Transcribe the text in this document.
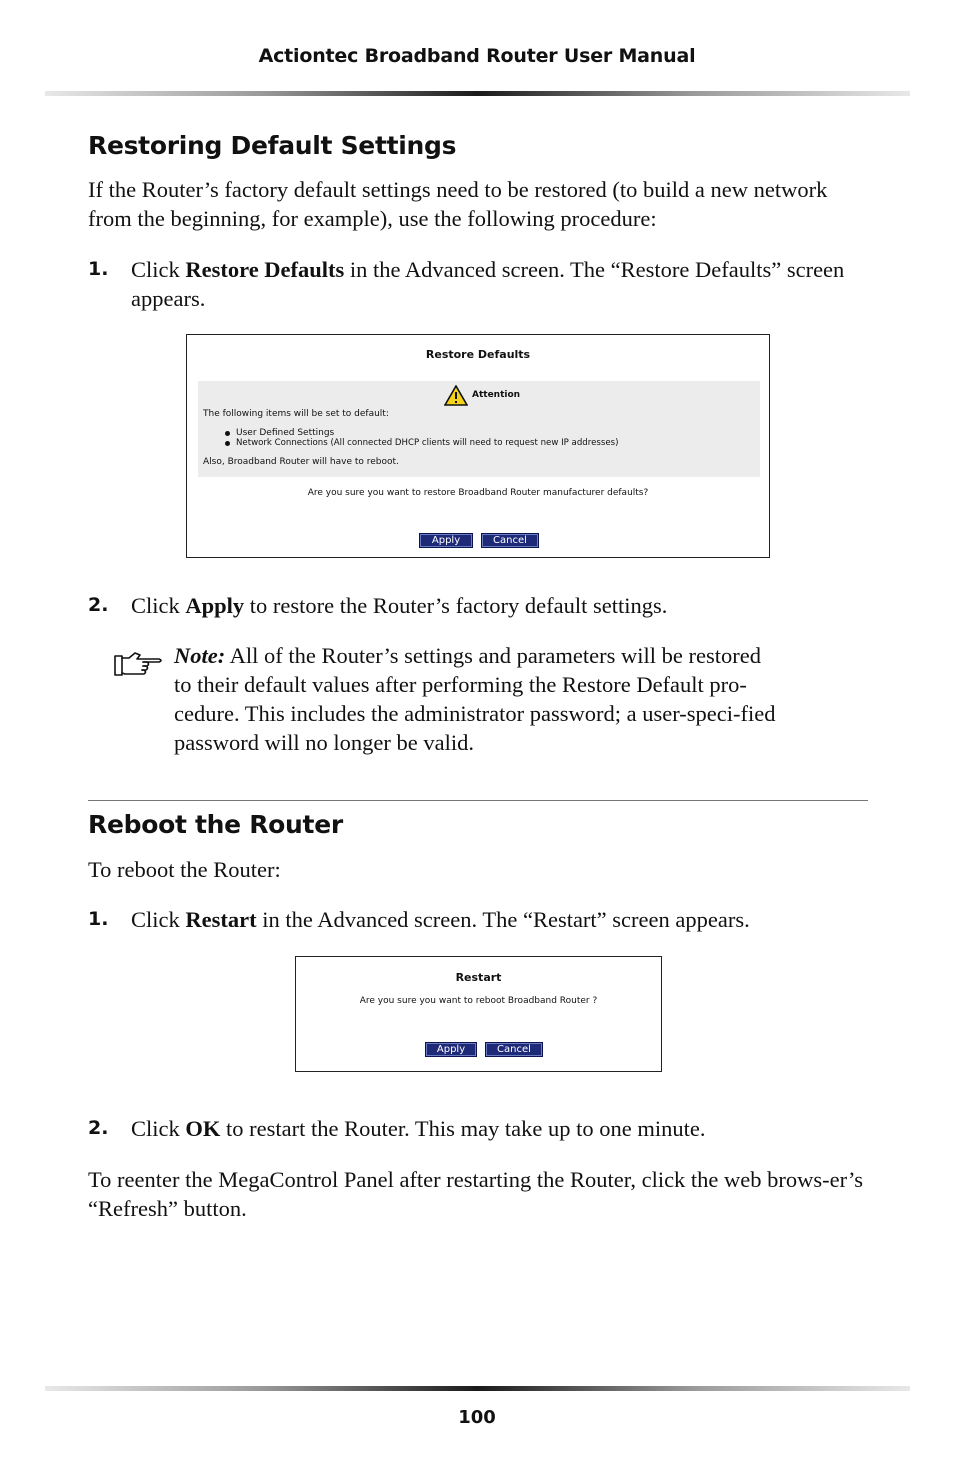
Actiontec Broadband Router User Manual
Restoring Default Settings
If the Router’s factory default settings need to be restored (to build a new network from the beginning, for example), use the following procedure:
1. Click Restore Defaults in the Advanced screen. The “Restore Defaults” screen appears.
Restore Defaults
Attention
The following items will be set to default:
User Defined Settings
Network Connections (All connected DHCP clients will need to request new IP addresses)
Also, Broadband Router will have to reboot.
Are you sure you want to restore Broadband Router manufacturer defaults?
Apply	Cancel
2. Click Apply to restore the Router’s factory default settings.
Note: All of the Router’s settings and parameters will be restored to their default values after performing the Restore Default pro-cedure. This includes the administrator password; a user-speci-fied password will no longer be valid.
Reboot the Router
To reboot the Router:
1. Click Restart in the Advanced screen. The “Restart” screen appears.
Restart
Are you sure you want to reboot Broadband Router ?
Apply	Cancel
2. Click OK to restart the Router. This may take up to one minute.
To reenter the MegaControl Panel after restarting the Router, click the web brows-er’s “Refresh” button.
100
